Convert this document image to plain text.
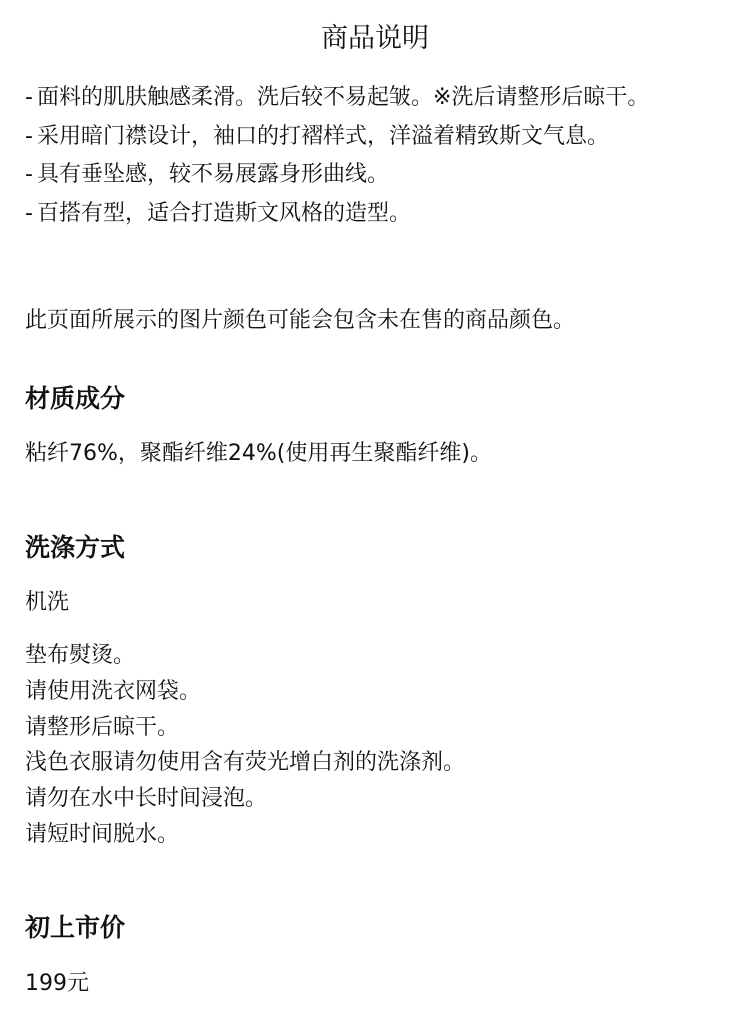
商品说明
- 面料的肌肤触感柔滑。洗后较不易起皱。※洗后请整形后晾干。
- 采用暗门襟设计，袖口的打褶样式，洋溢着精致斯文气息。
- 具有垂坠感，较不易展露身形曲线。
- 百搭有型，适合打造斯文风格的造型。

此页面所展示的图片颜色可能会包含未在售的商品颜色。

材质成分

粘纤76%，聚酯纤维24%(使用再生聚酯纤维)。

洗涤方式

机洗

垫布熨烫。
请使用洗衣网袋。
请整形后晾干。
浅色衣服请勿使用含有荧光增白剂的洗涤剂。
请勿在水中长时间浸泡。
请短时间脱水。
初上市价

199元
